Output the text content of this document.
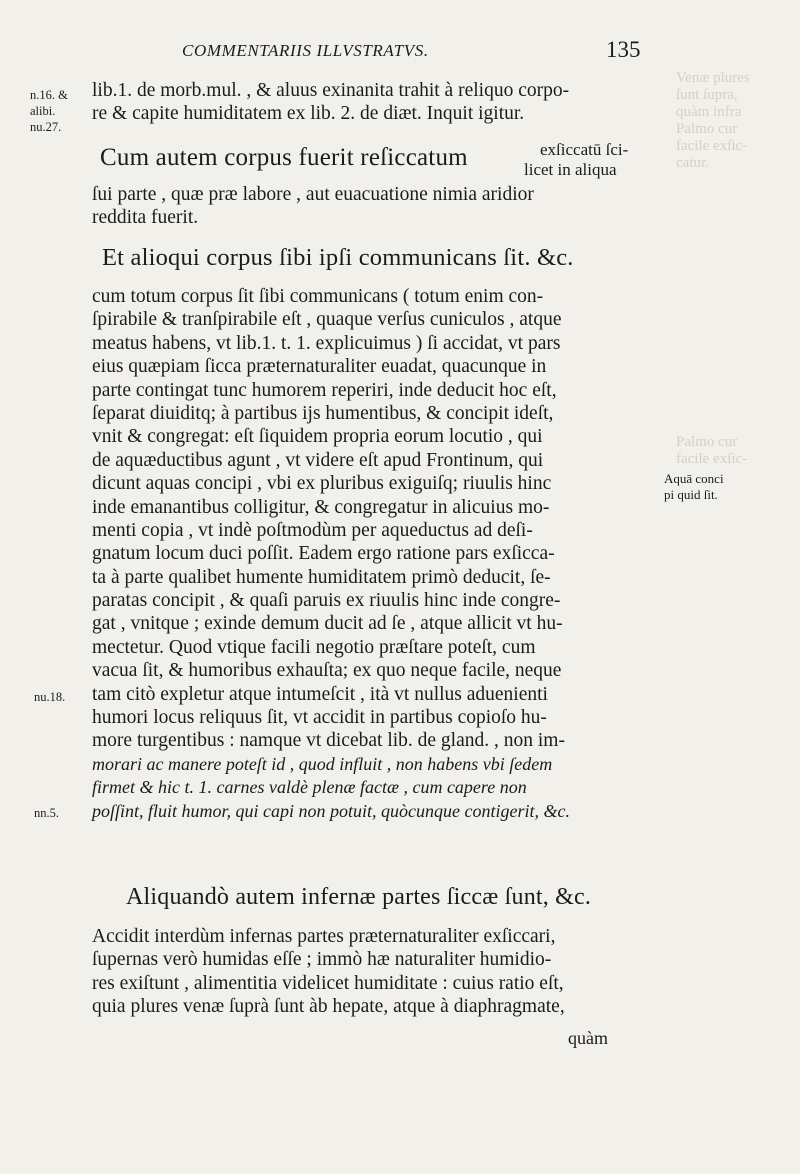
Venæ plures
ſunt ſupra,
quàm infra
Palmo cur
facile exſic-
catur.
Palmo cur
facile exſic-
COMMENTARIIS ILLVSTRATVS.	135
n.16. &
alibi.
nu.27.
nu.18.
nn.5.
Aquā conci
pi quid ſit.
lib.1. de morb.mul. , & aluus exinanita trahit à reliquo corpo-
re & capite humiditatem ex lib. 2. de diæt. Inquit igitur.
Cum autem corpus fuerit reſiccatum	exſiccatū ſci-
licet in aliqua
ſui parte , quæ præ labore , aut euacuatione nimia aridior
reddita fuerit.
Et alioqui corpus ſibi ipſi communicans ſit. &c.
cum totum corpus ſit ſibi communicans ( totum enim con-
ſpirabile & tranſpirabile eſt , quaque verſus cuniculos , atque
meatus habens, vt lib.1. t. 1. explicuimus ) ſi accidat, vt pars
eius quæpiam ſicca præternaturaliter euadat, quacunque in
parte contingat tunc humorem reperiri, inde deducit hoc eſt,
ſeparat diuiditq; à partibus ijs humentibus, & concipit ideſt,
vnit & congregat: eſt ſiquidem propria eorum locutio , qui
de aquæductibus agunt , vt videre eſt apud Frontinum, qui
dicunt aquas concipi , vbi ex pluribus exiguiſq; riuulis hinc
inde emanantibus colligitur, & congregatur in alicuius mo-
menti copia , vt indè poſtmodùm per aqueductus ad deſi-
gnatum locum duci poſſit. Eadem ergo ratione pars exſicca-
ta à parte qualibet humente humiditatem primò deducit, ſe-
paratas concipit , & quaſi paruis ex riuulis hinc inde congre-
gat , vnitque ; exinde demum ducit ad ſe , atque allicit vt hu-
mectetur. Quod vtique facili negotio præſtare poteſt, cum
vacua ſit, & humoribus exhauſta; ex quo neque facile, neque
tam citò expletur atque intumeſcit , ità vt nullus aduenienti
humori locus reliquus ſit, vt accidit in partibus copioſo hu-
more turgentibus : namque vt dicebat lib. de gland. , non im-
morari ac manere poteſt id , quod influit , non habens vbi ſedem
firmet & hic t. 1. carnes valdè plenæ factæ , cum capere non
poſſint, fluit humor, qui capi non potuit, quòcunque contigerit, &c.
Aliquandò autem infernæ partes ſiccæ ſunt, &c.
Accidit interdùm infernas partes præternaturaliter exſiccari,
ſupernas verò humidas eſſe ; immò hæ naturaliter humidio-
res exiſtunt , alimentitia videlicet humiditate : cuius ratio eſt,
quia plures venæ ſuprà ſunt àb hepate, atque à diaphragmate,
quàm
